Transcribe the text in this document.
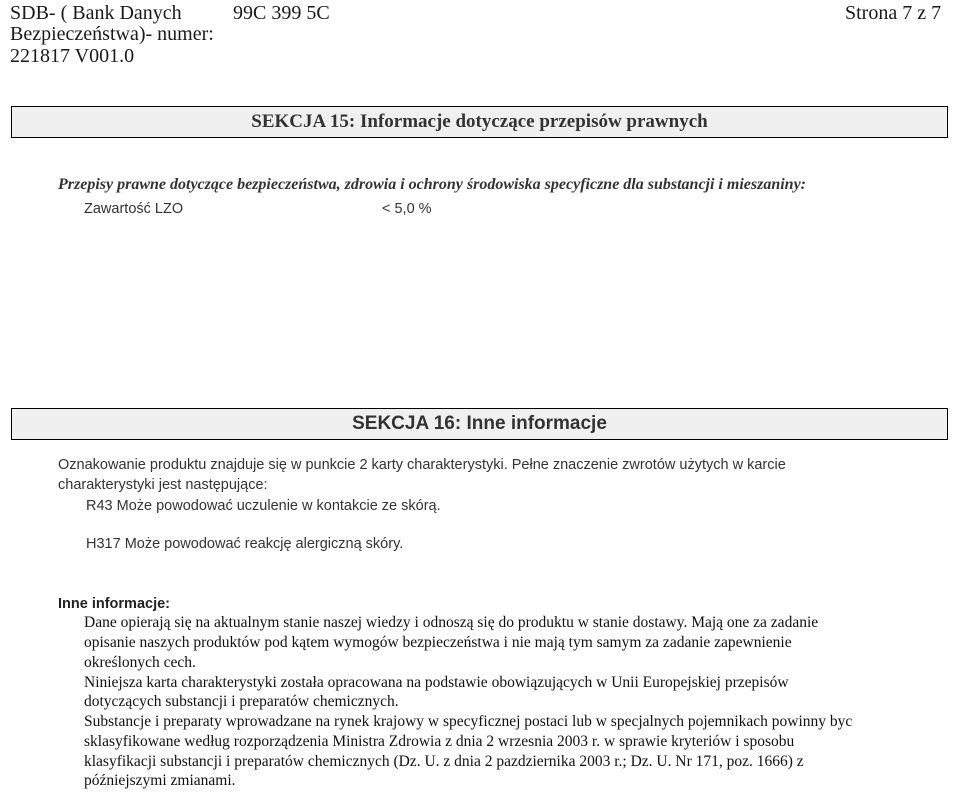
SDB- ( Bank Danych	99C 399 5C	Strona 7 z 7
Bezpieczeństwa)- numer:
221817 V001.0
SEKCJA 15: Informacje dotyczące przepisów prawnych
Przepisy prawne dotyczące bezpieczeństwa, zdrowia i ochrony środowiska specyficzne dla substancji i mieszaniny:
Zawartość LZO	< 5,0 %
SEKCJA 16: Inne informacje
Oznakowanie produktu znajduje się w punkcie 2 karty charakterystyki. Pełne znaczenie zwrotów użytych w karcie
charakterystyki jest następujące:
R43 Może powodować uczulenie w kontakcie ze skórą.
H317 Może powodować reakcję alergiczną skóry.
Inne informacje:
Dane opierają się na aktualnym stanie naszej wiedzy i odnoszą się do produktu w stanie dostawy. Mają one za zadanie
opisanie naszych produktów pod kątem wymogów bezpieczeństwa i nie mają tym samym za zadanie zapewnienie
określonych cech.
Niniejsza karta charakterystyki została opracowana na podstawie obowiązujących w Unii Europejskiej przepisów
dotyczących substancji i preparatów chemicznych.
Substancje i preparaty wprowadzane na rynek krajowy w specyficznej postaci lub w specjalnych pojemnikach powinny byc
sklasyfikowane według rozporządzenia Ministra Zdrowia z dnia 2 wrzesnia 2003 r. w sprawie kryteriów i sposobu
klasyfikacji substancji i preparatów chemicznych (Dz. U. z dnia 2 pazdziernika 2003 r.; Dz. U. Nr 171, poz. 1666) z
późniejszymi zmianami.
